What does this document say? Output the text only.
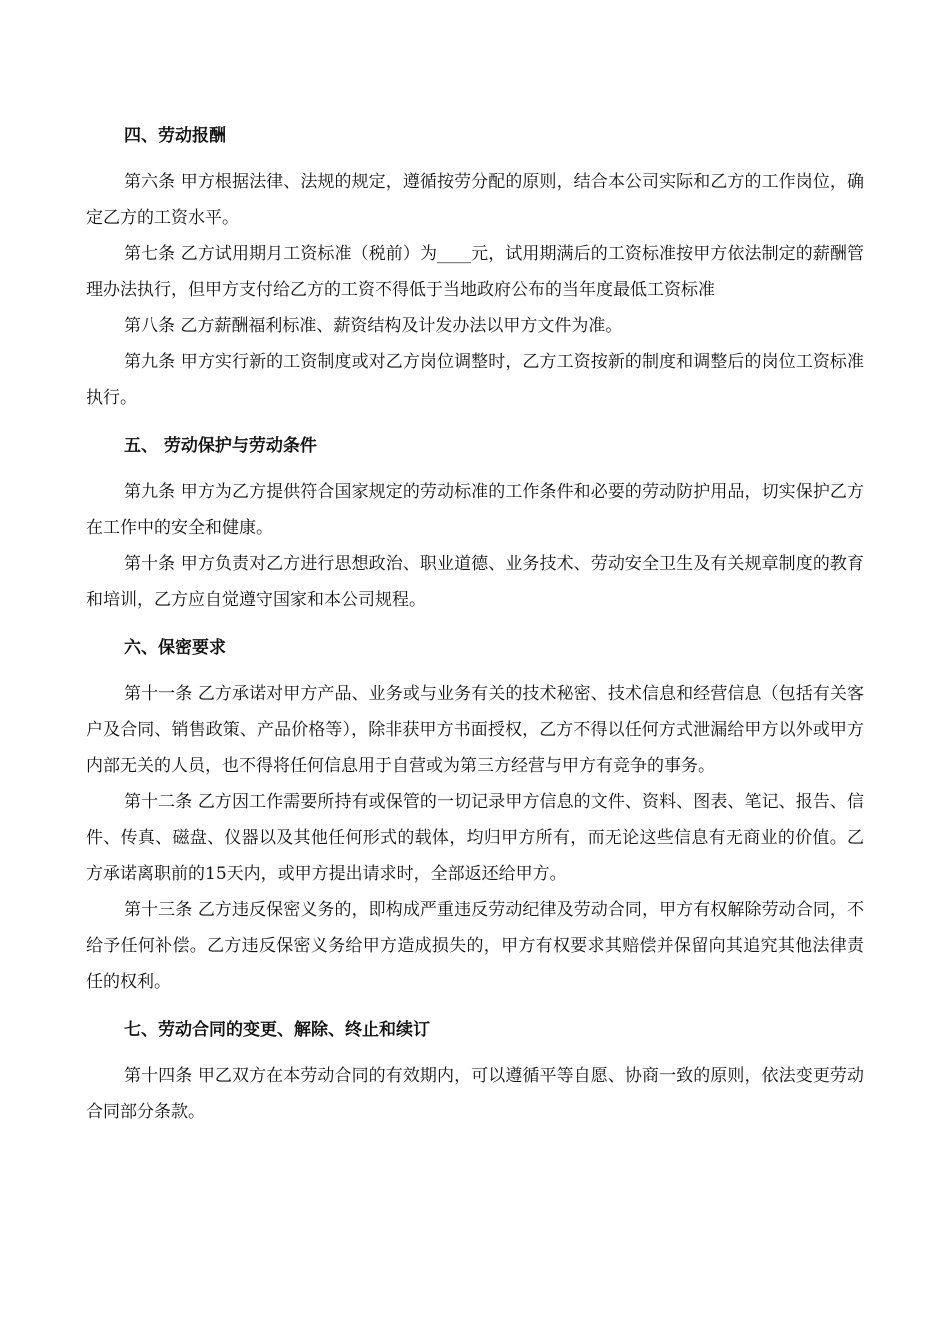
四、劳动报酬

第六条 甲方根据法律、法规的规定，遵循按劳分配的原则，结合本公司实际和乙方的工作岗位，确定乙方的工资水平。

第七条 乙方试用期月工资标准（税前）为____元，试用期满后的工资标准按甲方依法制定的薪酬管理办法执行，但甲方支付给乙方的工资不得低于当地政府公布的当年度最低工资标准

第八条 乙方薪酬福利标准、薪资结构及计发办法以甲方文件为准。

第九条 甲方实行新的工资制度或对乙方岗位调整时，乙方工资按新的制度和调整后的岗位工资标准执行。

五、 劳动保护与劳动条件

第九条 甲方为乙方提供符合国家规定的劳动标准的工作条件和必要的劳动防护用品，切实保护乙方在工作中的安全和健康。

第十条 甲方负责对乙方进行思想政治、职业道德、业务技术、劳动安全卫生及有关规章制度的教育和培训，乙方应自觉遵守国家和本公司规程。

六、保密要求

第十一条 乙方承诺对甲方产品、业务或与业务有关的技术秘密、技术信息和经营信息（包括有关客户及合同、销售政策、产品价格等），除非获甲方书面授权，乙方不得以任何方式泄漏给甲方以外或甲方内部无关的人员，也不得将任何信息用于自营或为第三方经营与甲方有竞争的事务。

第十二条 乙方因工作需要所持有或保管的一切记录甲方信息的文件、资料、图表、笔记、报告、信件、传真、磁盘、仪器以及其他任何形式的载体，均归甲方所有，而无论这些信息有无商业的价值。乙方承诺离职前的15天内，或甲方提出请求时，全部返还给甲方。

第十三条 乙方违反保密义务的，即构成严重违反劳动纪律及劳动合同，甲方有权解除劳动合同，不给予任何补偿。乙方违反保密义务给甲方造成损失的，甲方有权要求其赔偿并保留向其追究其他法律责任的权利。

七、劳动合同的变更、解除、终止和续订

第十四条 甲乙双方在本劳动合同的有效期内，可以遵循平等自愿、协商一致的原则，依法变更劳动合同部分条款。
